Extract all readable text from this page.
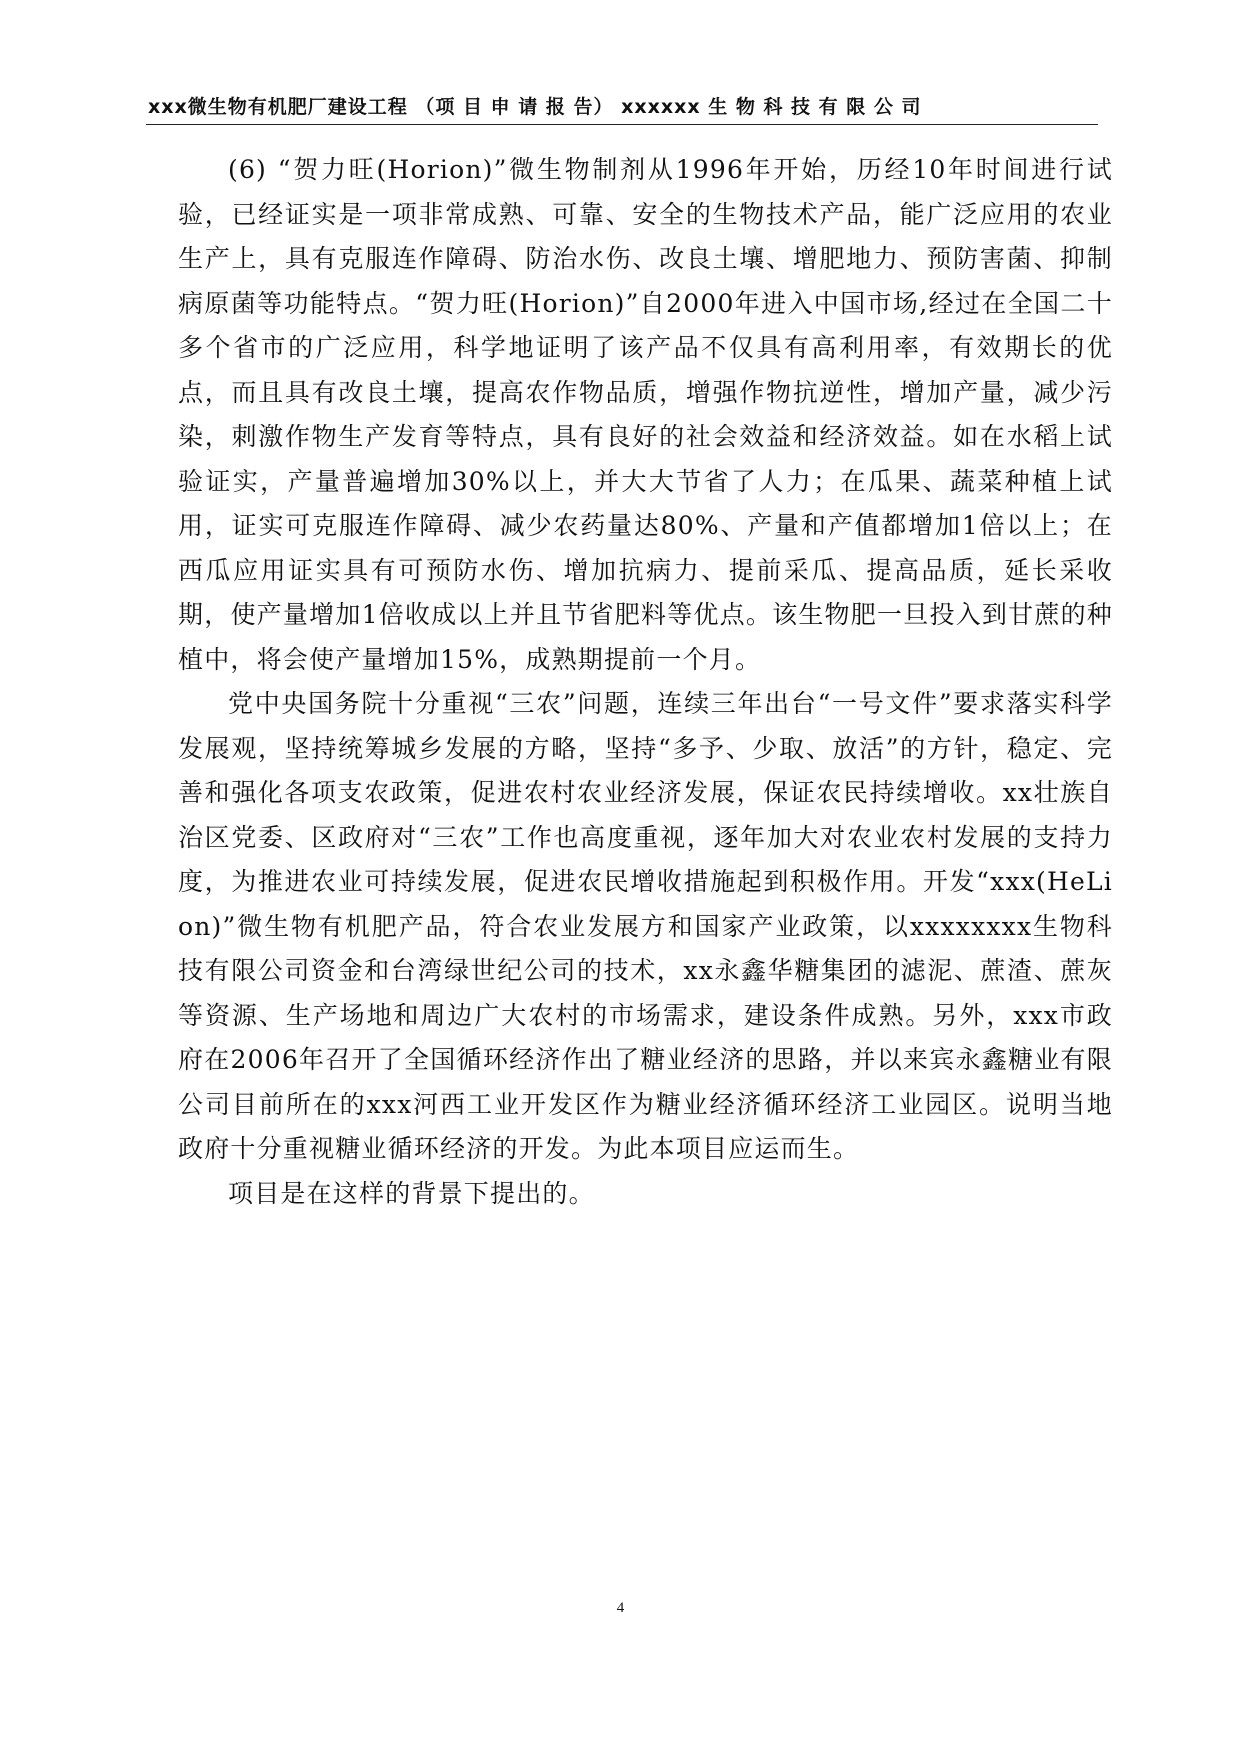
xxx微生物有机肥厂建设工程 （项 目 申 请 报 告） xxxxxx 生 物 科 技 有 限 公 司

(6) “贺力旺(Horion)”微生物制剂从1996年开始，历经10年时间进行试验，已经证实是一项非常成熟、可靠、安全的生物技术产品，能广泛应用的农业生产上，具有克服连作障碍、防治水伤、改良土壤、增肥地力、预防害菌、抑制病原菌等功能特点。“贺力旺(Horion)”自2000年进入中国市场,经过在全国二十多个省市的广泛应用，科学地证明了该产品不仅具有高利用率，有效期长的优点，而且具有改良土壤，提高农作物品质，增强作物抗逆性，增加产量，减少污染，刺激作物生产发育等特点，具有良好的社会效益和经济效益。如在水稻上试验证实，产量普遍增加30%以上，并大大节省了人力；在瓜果、蔬菜种植上试用，证实可克服连作障碍、减少农药量达80%、产量和产值都增加1倍以上；在西瓜应用证实具有可预防水伤、增加抗病力、提前采瓜、提高品质，延长采收期，使产量增加1倍收成以上并且节省肥料等优点。该生物肥一旦投入到甘蔗的种植中，将会使产量增加15%，成熟期提前一个月。

党中央国务院十分重视“三农”问题，连续三年出台“一号文件”要求落实科学发展观，坚持统筹城乡发展的方略，坚持“多予、少取、放活”的方针，稳定、完善和强化各项支农政策，促进农村农业经济发展，保证农民持续增收。xx壮族自治区党委、区政府对“三农”工作也高度重视，逐年加大对农业农村发展的支持力度，为推进农业可持续发展，促进农民增收措施起到积极作用。开发“xxx(HeLion)”微生物有机肥产品，符合农业发展方和国家产业政策，以xxxxxxxx生物科技有限公司资金和台湾绿世纪公司的技术，xx永鑫华糖集团的滤泥、蔗渣、蔗灰等资源、生产场地和周边广大农村的市场需求，建设条件成熟。另外，xxx市政府在2006年召开了全国循环经济作出了糖业经济的思路，并以来宾永鑫糖业有限公司目前所在的xxx河西工业开发区作为糖业经济循环经济工业园区。说明当地政府十分重视糖业循环经济的开发。为此本项目应运而生。

项目是在这样的背景下提出的。

4
